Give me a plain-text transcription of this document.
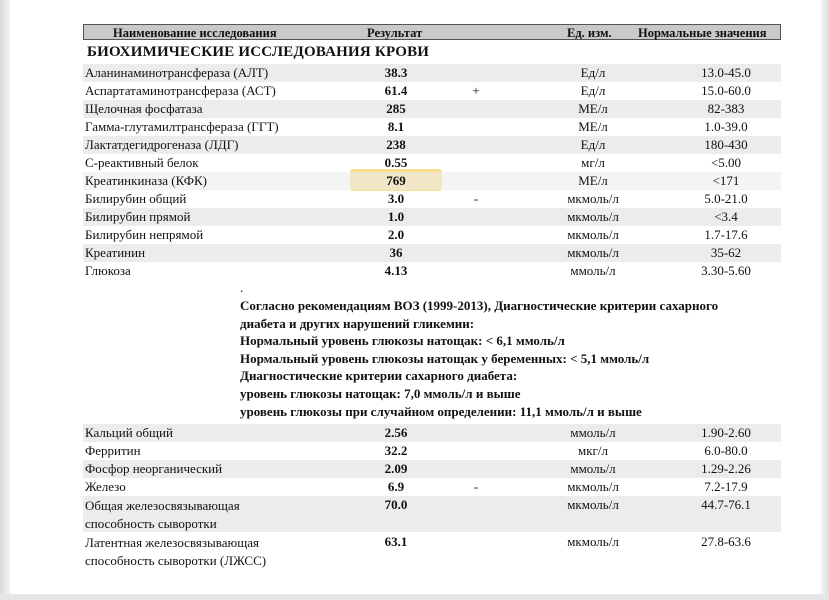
Наименование исследования	Результат	Ед. изм. Нормальные значения
БИОХИМИЧЕСКИЕ ИССЛЕДОВАНИЯ КРОВИ
Аланинаминотрансфераза (АЛТ)	38.3	Ед/л	13.0-45.0
Аспартатаминотрансфераза (АСТ)	61.4	+	Ед/л	15.0-60.0
Щелочная фосфатаза	285	МЕ/л	82-383
Гамма-глутамилтрансфераза (ГГТ)	8.1	МЕ/л	1.0-39.0
Лактатдегидрогеназа (ЛДГ)	238	Ед/л	180-430
С-реактивный белок	0.55	мг/л	<5.00
Креатинкиназа (КФК)	769	МЕ/л	<171
Билирубин общий	3.0	-	мкмоль/л	5.0-21.0
Билирубин прямой	1.0	мкмоль/л	<3.4
Билирубин непрямой	2.0	мкмоль/л	1.7-17.6
Креатинин	36	мкмоль/л	35-62
Глюкоза	4.13	ммоль/л	3.30-5.60
.
Согласно рекомендациям ВОЗ (1999-2013), Диагностические критерии сахарного
диабета и других нарушений гликемии:
Нормальный уровень глюкозы натощак: < 6,1 ммоль/л
Нормальный уровень глюкозы натощак у беременных: < 5,1 ммоль/л
Диагностические критерии сахарного диабета:
уровень глюкозы натощак: 7,0 ммоль/л и выше
уровень глюкозы при случайном определении: 11,1 ммоль/л и выше
Кальций общий	2.56	ммоль/л	1.90-2.60
Ферритин	32.2	мкг/л	6.0-80.0
Фосфор неорганический	2.09	ммоль/л	1.29-2.26
Железо	6.9	-	мкмоль/л	7.2-17.9
Общая железосвязывающая
способность сыворотки
70.0	мкмоль/л	44.7-76.1
Латентная железосвязывающая
способность сыворотки (ЛЖСС)
63.1	мкмоль/л	27.8-63.6
